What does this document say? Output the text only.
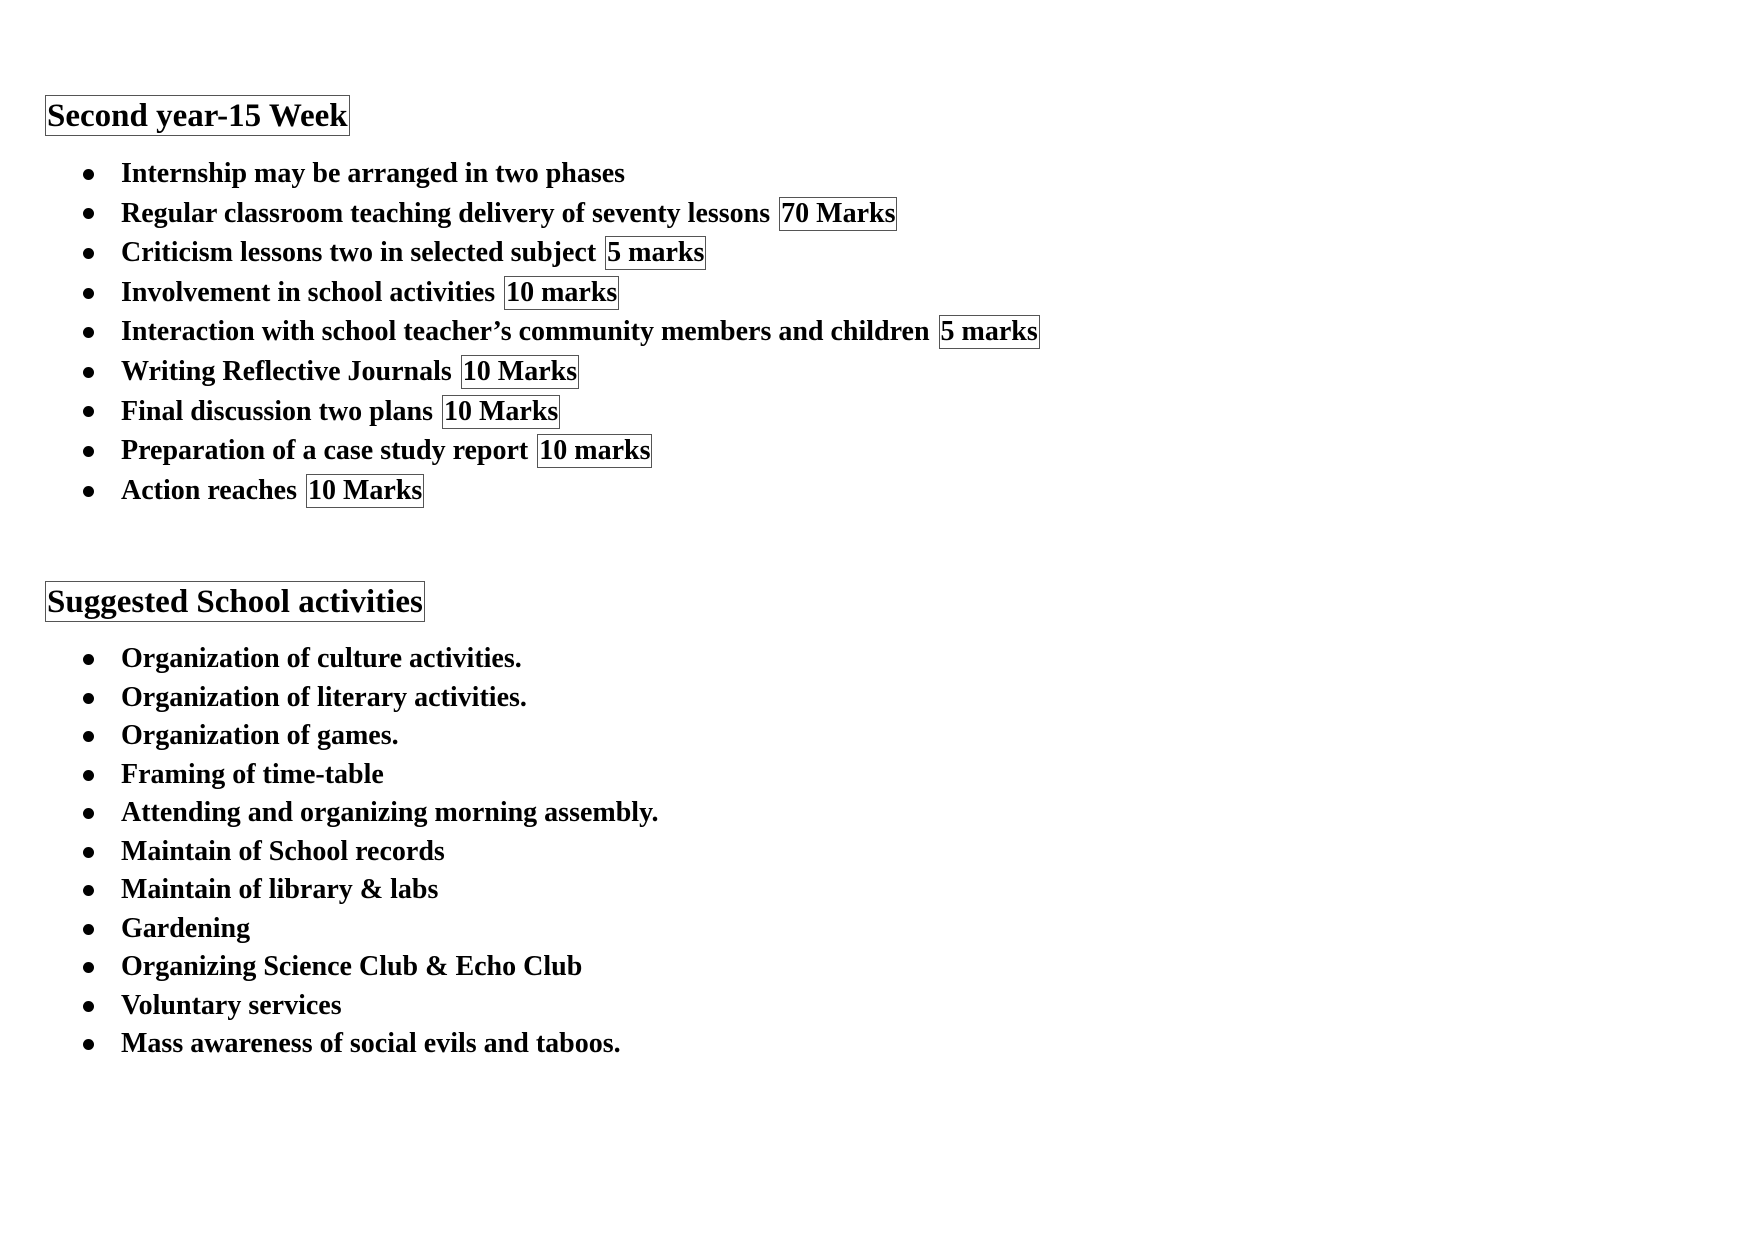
Second year-15 Week
Internship may be arranged in two phases
Regular classroom teaching delivery of seventy lessons 70 Marks
Criticism lessons two in selected subject 5 marks
Involvement in school activities 10 marks
Interaction with school teacher’s community members and children 5 marks
Writing Reflective Journals 10 Marks
Final discussion two plans 10 Marks
Preparation of a case study report 10 marks
Action reaches 10 Marks
Suggested School activities
Organization of culture activities.
Organization of literary activities.
Organization of games.
Framing of time-table
Attending and organizing morning assembly.
Maintain of School records
Maintain of library & labs
Gardening
Organizing Science Club & Echo Club
Voluntary services
Mass awareness of social evils and taboos.
